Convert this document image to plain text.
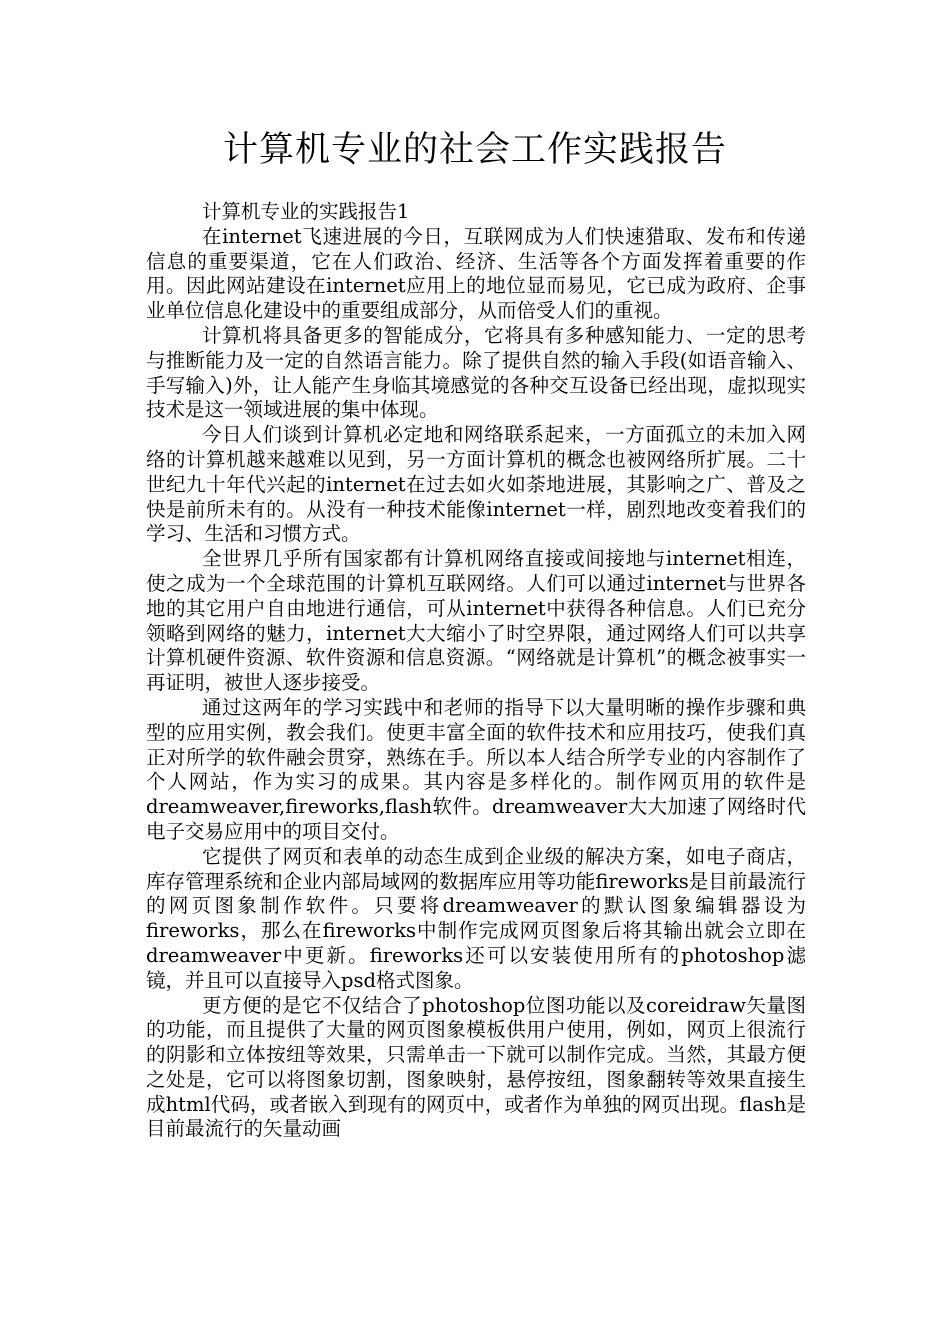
计算机专业的社会工作实践报告

计算机专业的实践报告1

在internet飞速进展的今日，互联网成为人们快速猎取、发布和传递信息的重要渠道，它在人们政治、经济、生活等各个方面发挥着重要的作用。因此网站建设在internet应用上的地位显而易见，它已成为政府、企事业单位信息化建设中的重要组成部分，从而倍受人们的重视。

计算机将具备更多的智能成分，它将具有多种感知能力、一定的思考与推断能力及一定的自然语言能力。除了提供自然的输入手段(如语音输入、手写输入)外，让人能产生身临其境感觉的各种交互设备已经出现，虚拟现实技术是这一领域进展的集中体现。

今日人们谈到计算机必定地和网络联系起来，一方面孤立的未加入网络的计算机越来越难以见到，另一方面计算机的概念也被网络所扩展。二十世纪九十年代兴起的internet在过去如火如荼地进展，其影响之广、普及之快是前所未有的。从没有一种技术能像internet一样，剧烈地改变着我们的学习、生活和习惯方式。

全世界几乎所有国家都有计算机网络直接或间接地与internet相连，使之成为一个全球范围的计算机互联网络。人们可以通过internet与世界各地的其它用户自由地进行通信，可从internet中获得各种信息。人们已充分领略到网络的魅力，internet大大缩小了时空界限，通过网络人们可以共享计算机硬件资源、软件资源和信息资源。“网络就是计算机”的概念被事实一再证明，被世人逐步接受。

通过这两年的学习实践中和老师的指导下以大量明晰的操作步骤和典型的应用实例，教会我们。使更丰富全面的软件技术和应用技巧，使我们真正对所学的软件融会贯穿，熟练在手。所以本人结合所学专业的内容制作了个人网站，作为实习的成果。其内容是多样化的。制作网页用的软件是dreamweaver,fireworks,flash软件。dreamweaver大大加速了网络时代电子交易应用中的项目交付。

它提供了网页和表单的动态生成到企业级的解决方案，如电子商店，库存管理系统和企业内部局域网的数据库应用等功能fireworks是目前最流行的网页图象制作软件。只要将dreamweaver的默认图象编辑器设为fireworks，那么在fireworks中制作完成网页图象后将其输出就会立即在dreamweaver中更新。fireworks还可以安装使用所有的photoshop滤镜，并且可以直接导入psd格式图象。

更方便的是它不仅结合了photoshop位图功能以及coreidraw矢量图的功能，而且提供了大量的网页图象模板供用户使用，例如，网页上很流行的阴影和立体按纽等效果，只需单击一下就可以制作完成。当然，其最方便之处是，它可以将图象切割，图象映射，悬停按纽，图象翻转等效果直接生成html代码，或者嵌入到现有的网页中，或者作为单独的网页出现。flash是目前最流行的矢量动画
